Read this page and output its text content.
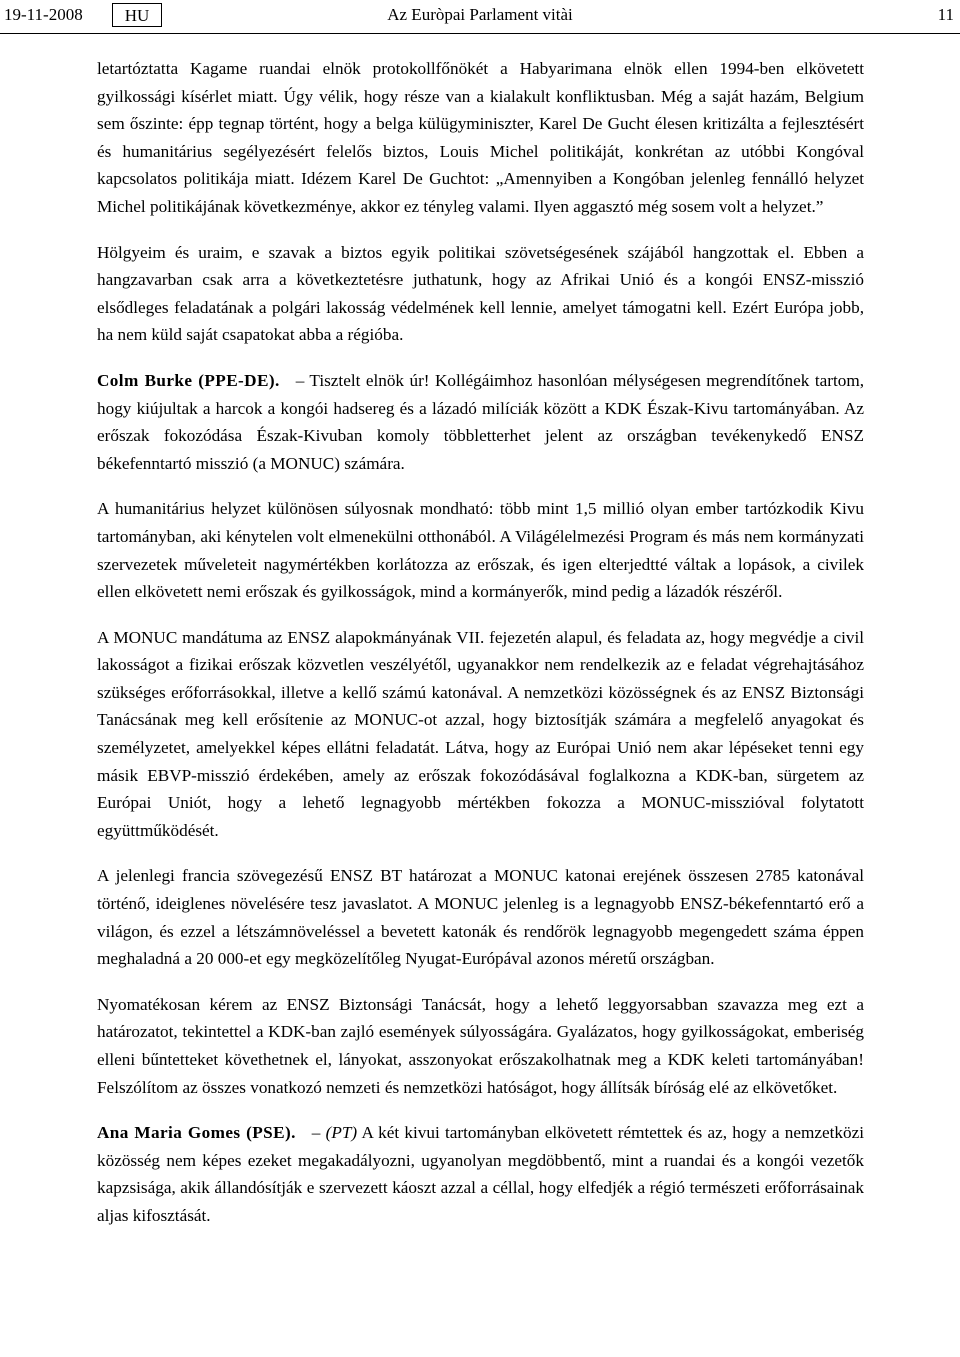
19-11-2008	HU	Az Euròpai Parlament vitài	11

letartóztatta Kagame ruandai elnök protokollfőnökét a Habyarimana elnök ellen 1994-ben elkövetett gyilkossági kísérlet miatt. Úgy vélik, hogy része van a kialakult konfliktusban. Még a saját hazám, Belgium sem őszinte: épp tegnap történt, hogy a belga külügyminiszter, Karel De Gucht élesen kritizálta a fejlesztésért és humanitárius segélyezésért felelős biztos, Louis Michel politikáját, konkrétan az utóbbi Kongóval kapcsolatos politikája miatt. Idézem Karel De Guchtot: „Amennyiben a Kongóban jelenleg fennálló helyzet Michel politikájának következménye, akkor ez tényleg valami. Ilyen aggasztó még sosem volt a helyzet.”

Hölgyeim és uraim, e szavak a biztos egyik politikai szövetségesének szájából hangzottak el. Ebben a hangzavarban csak arra a következtetésre juthatunk, hogy az Afrikai Unió és a kongói ENSZ-misszió elsődleges feladatának a polgári lakosság védelmének kell lennie, amelyet támogatni kell. Ezért Európa jobb, ha nem küld saját csapatokat abba a régióba.

Colm Burke (PPE-DE). – Tisztelt elnök úr! Kollégáimhoz hasonlóan mélységesen megrendítőnek tartom, hogy kiújultak a harcok a kongói hadsereg és a lázadó milíciák között a KDK Észak-Kivu tartományában. Az erőszak fokozódása Észak-Kivuban komoly többletterhet jelent az országban tevékenykedő ENSZ békefenntartó misszió (a MONUC) számára.

A humanitárius helyzet különösen súlyosnak mondható: több mint 1,5 millió olyan ember tartózkodik Kivu tartományban, aki kénytelen volt elmenekülni otthonából. A Világélelmezési Program és más nem kormányzati szervezetek műveleteit nagymértékben korlátozza az erőszak, és igen elterjedtté váltak a lopások, a civilek ellen elkövetett nemi erőszak és gyilkosságok, mind a kormányerők, mind pedig a lázadók részéről.

A MONUC mandátuma az ENSZ alapokmányának VII. fejezetén alapul, és feladata az, hogy megvédje a civil lakosságot a fizikai erőszak közvetlen veszélyétől, ugyanakkor nem rendelkezik az e feladat végrehajtásához szükséges erőforrásokkal, illetve a kellő számú katonával. A nemzetközi közösségnek és az ENSZ Biztonsági Tanácsának meg kell erősítenie az MONUC-ot azzal, hogy biztosítják számára a megfelelő anyagokat és személyzetet, amelyekkel képes ellátni feladatát. Látva, hogy az Európai Unió nem akar lépéseket tenni egy másik EBVP-misszió érdekében, amely az erőszak fokozódásával foglalkozna a KDK-ban, sürgetem az Európai Uniót, hogy a lehető legnagyobb mértékben fokozza a MONUC-misszióval folytatott együttműködését.

A jelenlegi francia szövegezésű ENSZ BT határozat a MONUC katonai erejének összesen 2785 katonával történő, ideiglenes növelésére tesz javaslatot. A MONUC jelenleg is a legnagyobb ENSZ-békefenntartó erő a világon, és ezzel a létszámnöveléssel a bevetett katonák és rendőrök legnagyobb megengedett száma éppen meghaladná a 20 000-et egy megközelítőleg Nyugat-Európával azonos méretű országban.

Nyomatékosan kérem az ENSZ Biztonsági Tanácsát, hogy a lehető leggyorsabban szavazza meg ezt a határozatot, tekintettel a KDK-ban zajló események súlyosságára. Gyalázatos, hogy gyilkosságokat, emberiség elleni bűntetteket követhetnek el, lányokat, asszonyokat erőszakolhatnak meg a KDK keleti tartományában! Felszólítom az összes vonatkozó nemzeti és nemzetközi hatóságot, hogy állítsák bíróság elé az elkövetőket.

Ana Maria Gomes (PSE). – (PT) A két kivui tartományban elkövetett rémtettek és az, hogy a nemzetközi közösség nem képes ezeket megakadályozni, ugyanolyan megdöbbentő, mint a ruandai és a kongói vezetők kapzsisága, akik állandósítják e szervezett káoszt azzal a céllal, hogy elfedjék a régió természeti erőforrásainak aljas kifosztását.
